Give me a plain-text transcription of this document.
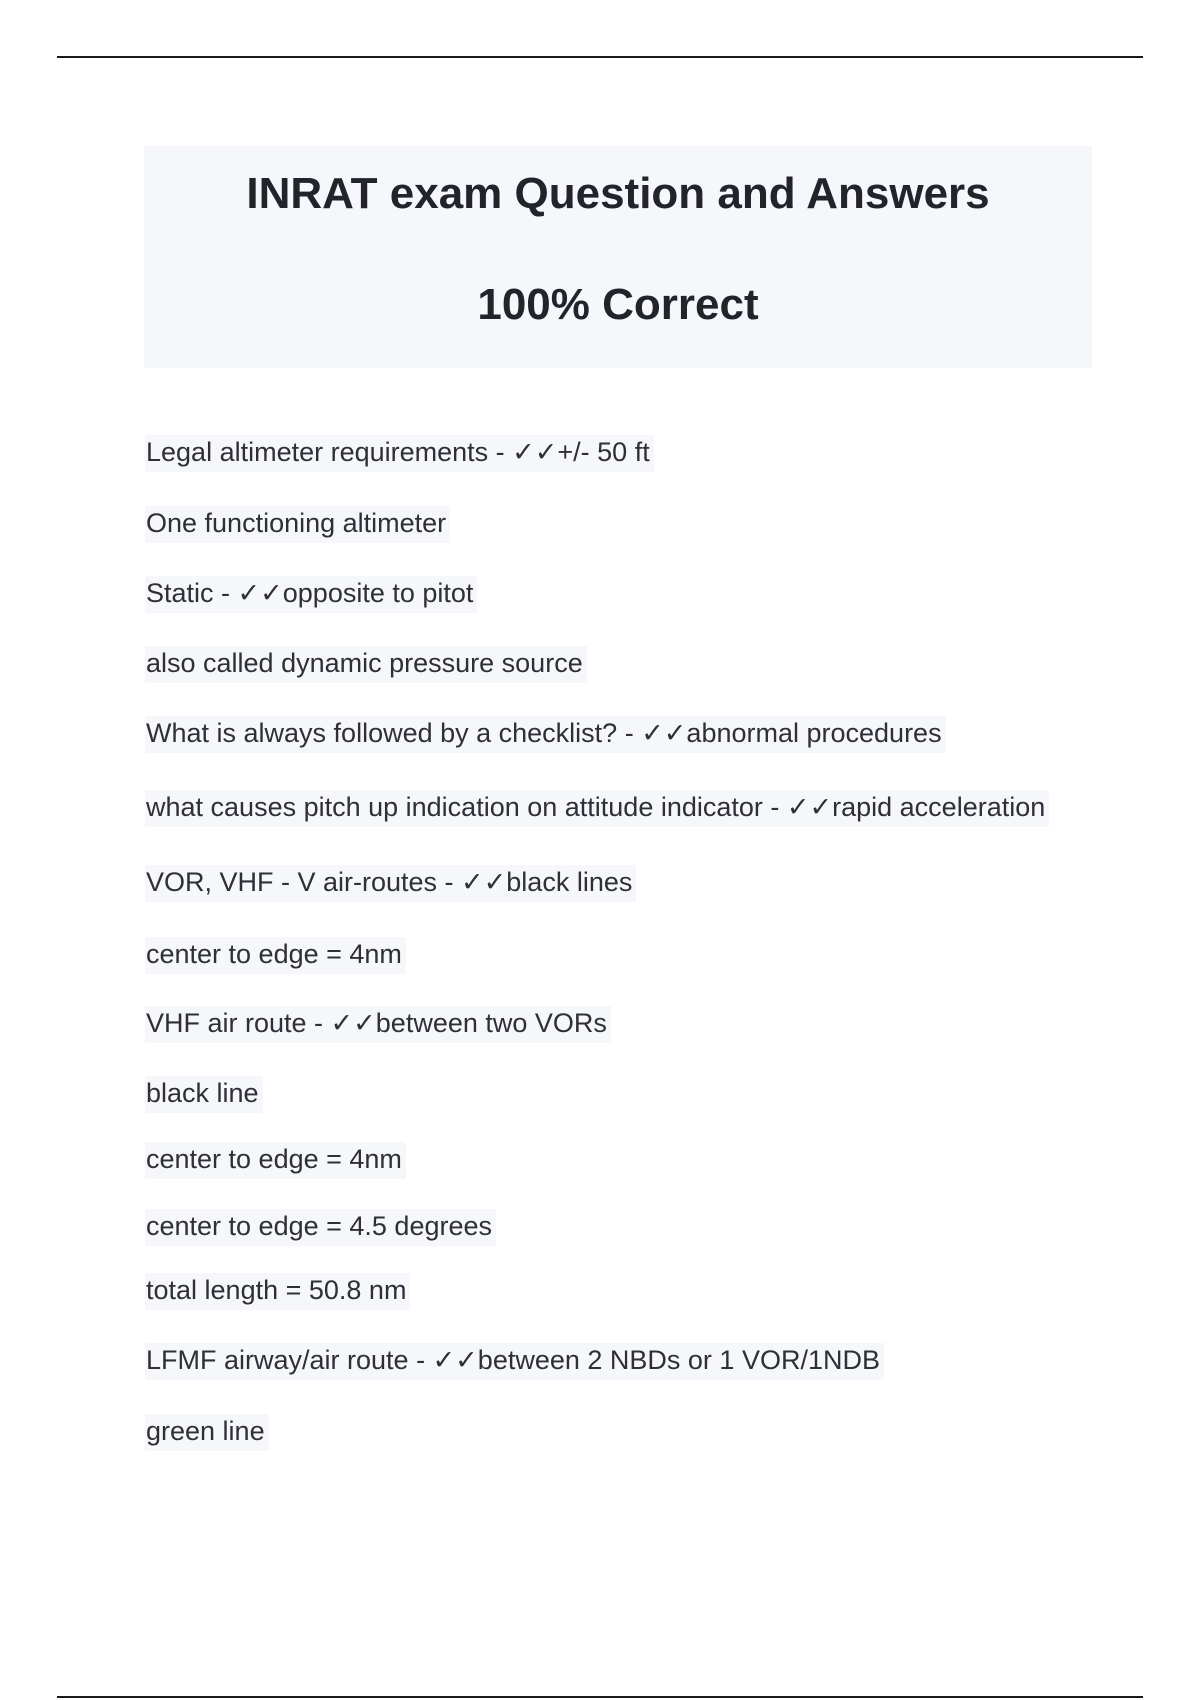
INRAT exam Question and Answers
100% Correct
Legal altimeter requirements - ✓✓+/- 50 ft
One functioning altimeter
Static - ✓✓opposite to pitot
also called dynamic pressure source
What is always followed by a checklist? - ✓✓abnormal procedures
what causes pitch up indication on attitude indicator - ✓✓rapid acceleration
VOR, VHF - V air-routes - ✓✓black lines
center to edge = 4nm
VHF air route - ✓✓between two VORs
black line
center to edge = 4nm
center to edge = 4.5 degrees
total length = 50.8 nm
LFMF airway/air route - ✓✓between 2 NBDs or 1 VOR/1NDB
green line
